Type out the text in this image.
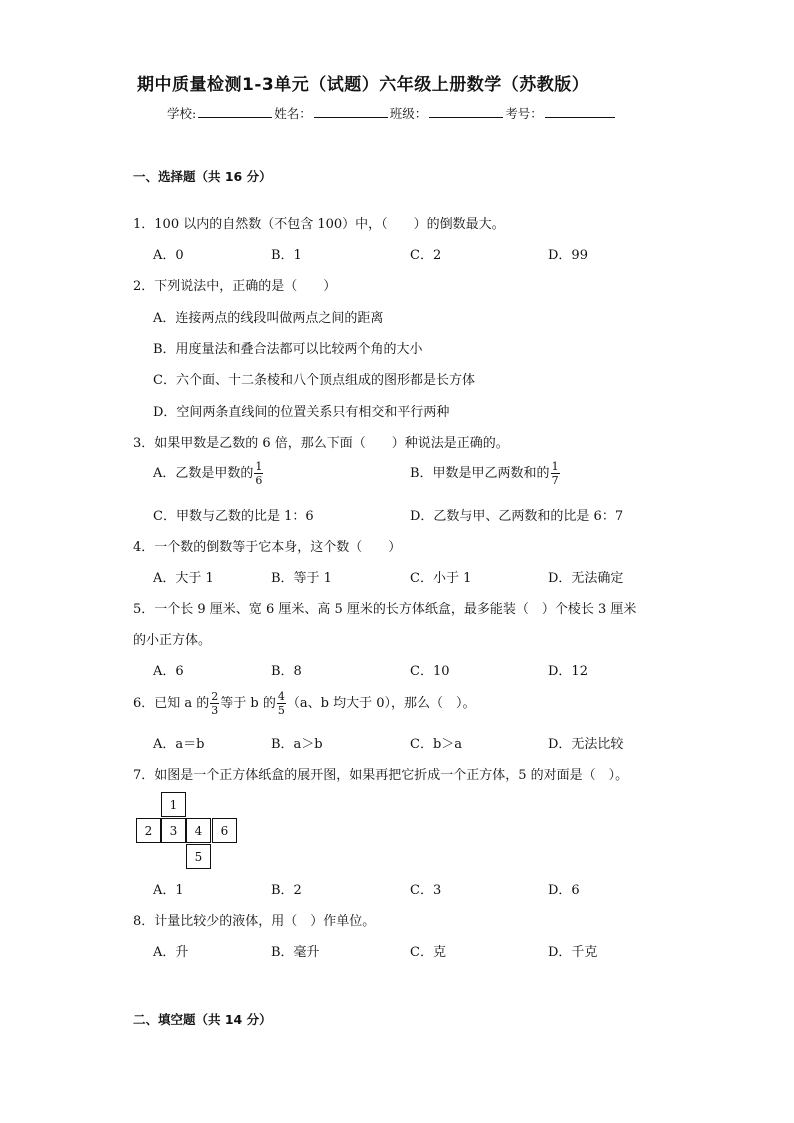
期中质量检测1-3单元（试题）六年级上册数学（苏教版）
学校:	姓名：	班级：	考号：
一、选择题（共 16 分）
1．100 以内的自然数（不包含 100）中，（　　）的倒数最大。
A．0	B．1	C．2	D．99
2．下列说法中，正确的是（　　）
A．连接两点的线段叫做两点之间的距离
B．用度量法和叠合法都可以比较两个角的大小
C．六个面、十二条棱和八个顶点组成的图形都是长方体
D．空间两条直线间的位置关系只有相交和平行两种
3．如果甲数是乙数的 6 倍，那么下面（　　）种说法是正确的。
A．乙数是甲数的 $\frac{1}{6}$	B．甲数是甲乙两数和的 $\frac{1}{7}$
C．甲数与乙数的比是 1：6	D．乙数与甲、乙两数和的比是 6：7
4．一个数的倒数等于它本身，这个数（　　）
A．大于 1	B．等于 1	C．小于 1	D．无法确定
5．一个长 9 厘米、宽 6 厘米、高 5 厘米的长方体纸盒，最多能装（　）个棱长 3 厘米
的小正方体。
A．6	B．8	C．10	D．12
6．已知 a 的 $\frac{2}{3}$ 等于 b 的 $\frac{4}{5} (a$、b 均大于 0），那么（　）。
A．a＝b	B．a＞b	C．b＞a	D．无法比较
7．如图是一个正方体纸盒的展开图，如果再把它折成一个正方体，5 的对面是（　）。
1
2	3	4	6
5
A．1	B．2	C．3	D．6
8．计量比较少的液体，用（　）作单位。
A．升	B．毫升	C．克	D．千克
二、填空题（共 14 分）
